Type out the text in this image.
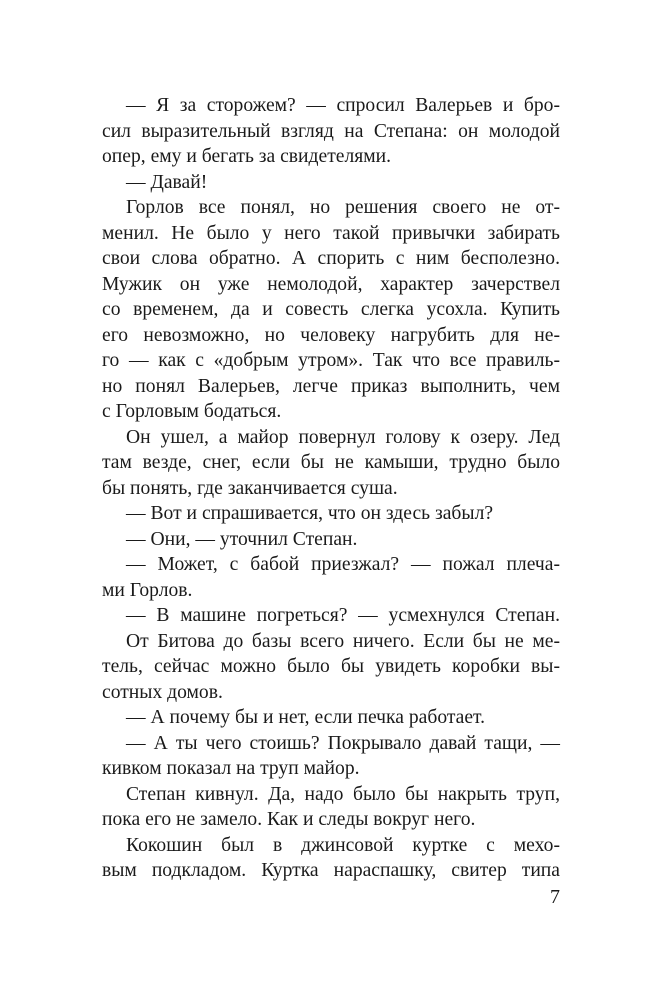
— Я за сторожем? — спросил Валерьев и бро-
сил выразительный взгляд на Степана: он молодой
опер, ему и бегать за свидетелями.
— Давай!
Горлов все понял, но решения своего не от-
менил. Не было у него такой привычки забирать
свои слова обратно. А спорить с ним бесполезно.
Мужик он уже немолодой, характер зачерствел
со временем, да и совесть слегка усохла. Купить
его невозможно, но человеку нагрубить для не-
го — как с «добрым утром». Так что все правиль-
но понял Валерьев, легче приказ выполнить, чем
с Горловым бодаться.
Он ушел, а майор повернул голову к озеру. Лед
там везде, снег, если бы не камыши, трудно было
бы понять, где заканчивается суша.
— Вот и спрашивается, что он здесь забыл?
— Они, — уточнил Степан.
— Может, с бабой приезжал? — пожал плеча-
ми Горлов.
— В машине погреться? — усмехнулся Степан.
От Битова до базы всего ничего. Если бы не ме-
тель, сейчас можно было бы увидеть коробки вы-
сотных домов.
— А почему бы и нет, если печка работает.
— А ты чего стоишь? Покрывало давай тащи, —
кивком показал на труп майор.
Степан кивнул. Да, надо было бы накрыть труп,
пока его не замело. Как и следы вокруг него.
Кокошин был в джинсовой куртке с мехо-
вым подкладом. Куртка нараспашку, свитер типа
7
